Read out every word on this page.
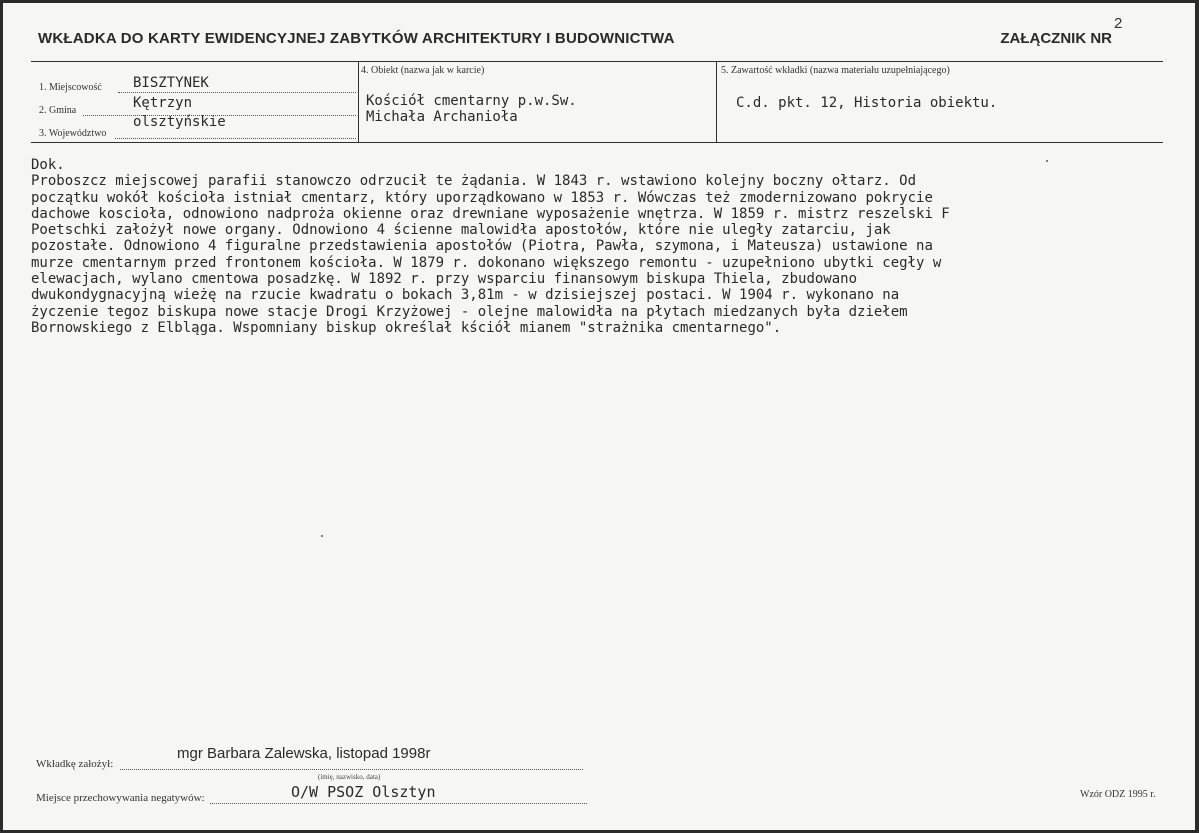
WKŁADKA DO KARTY EWIDENCYJNEJ ZABYTKÓW ARCHITEKTURY I BUDOWNICTWA	ZAŁĄCZNIK NR
2
1. Miejscowość BISZTYNEK
2. Gmina	Kętrzyn
3. Województwo
olsztyńskie
4. Obiekt (nazwa jak w karcie)
Kościół cmentarny p.w.Sw.
Michała Archanioła
5. Zawartość wkładki (nazwa materiału uzupełniającego)
C.d. pkt. 12, Historia obiektu.
Dok.
Proboszcz miejscowej parafii stanowczo odrzucił te żądania. W 1843 r. wstawiono kolejny boczny ołtarz. Od
początku wokół kościoła istniał cmentarz, który uporządkowano w 1853 r. Wówczas też zmodernizowano pokrycie
dachowe koscioła, odnowiono nadproża okienne oraz drewniane wyposażenie wnętrza. W 1859 r. mistrz reszelski F
Poetschki założył nowe organy. Odnowiono 4 ścienne malowidła apostołów, które nie uległy zatarciu, jak
pozostałe. Odnowiono 4 figuralne przedstawienia apostołów (Piotra, Pawła, szymona, i Mateusza) ustawione na
murze cmentarnym przed frontonem kościoła. W 1879 r. dokonano większego remontu - uzupełniono ubytki cegły w
elewacjach, wylano cmentowa posadzkę. W 1892 r. przy wsparciu finansowym biskupa Thiela, zbudowano
dwukondygnacyjną wieżę na rzucie kwadratu o bokach 3,81m - w dzisiejszej postaci. W 1904 r. wykonano na
życzenie tegoz biskupa nowe stacje Drogi Krzyżowej - olejne malowidła na płytach miedzanych była dziełem
Bornowskiego z Elbląga. Wspomniany biskup określał kściół mianem "strażnika cmentarnego".
Wkładkę założył:
mgr Barbara Zalewska, listopad 1998r
(imię, nazwisko, data)
Miejsce przechowywania negatywów:	O/W PSOZ Olsztyn	Wzór ODZ 1995 r.
